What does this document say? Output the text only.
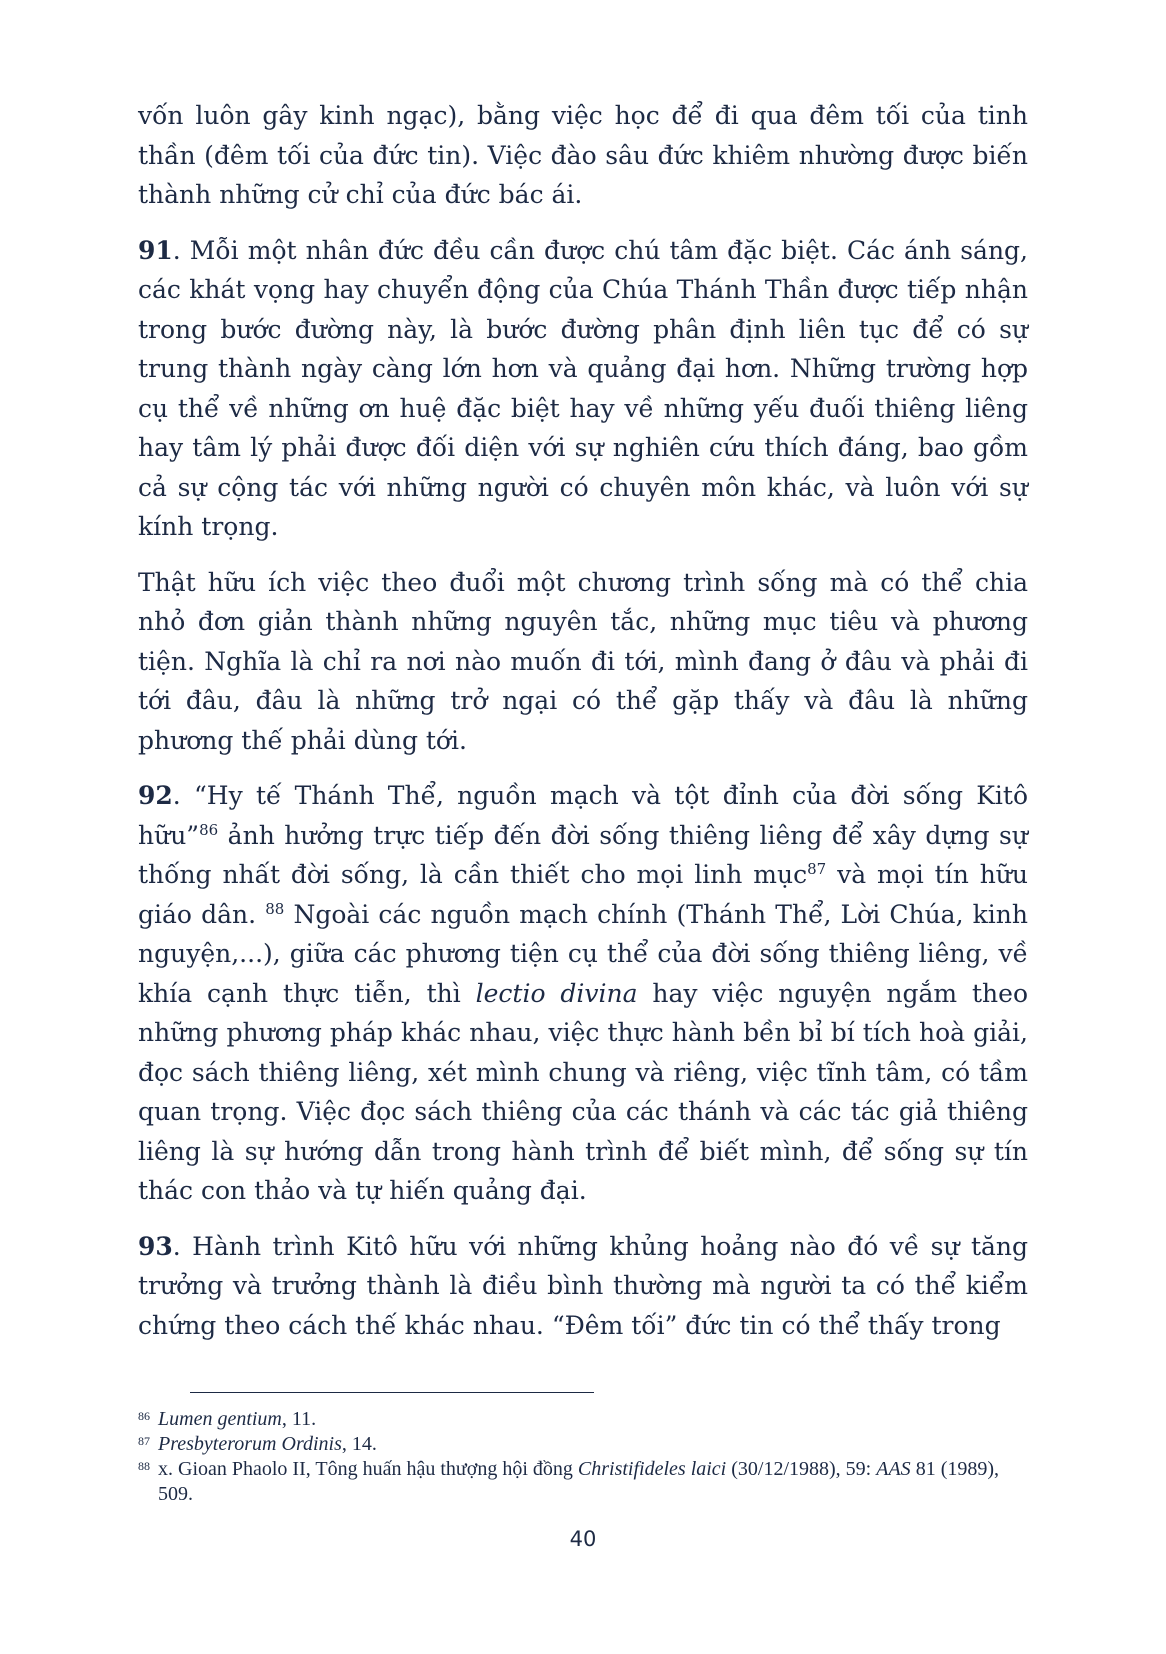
vốn luôn gây kinh ngạc), bằng việc học để đi qua đêm tối của tinh thần (đêm tối của đức tin). Việc đào sâu đức khiêm nhường được biến thành những cử chỉ của đức bác ái.

91. Mỗi một nhân đức đều cần được chú tâm đặc biệt. Các ánh sáng, các khát vọng hay chuyển động của Chúa Thánh Thần được tiếp nhận trong bước đường này, là bước đường phân định liên tục để có sự trung thành ngày càng lớn hơn và quảng đại hơn. Những trường hợp cụ thể về những ơn huệ đặc biệt hay về những yếu đuối thiêng liêng hay tâm lý phải được đối diện với sự nghiên cứu thích đáng, bao gồm cả sự cộng tác với những người có chuyên môn khác, và luôn với sự kính trọng.

Thật hữu ích việc theo đuổi một chương trình sống mà có thể chia nhỏ đơn giản thành những nguyên tắc, những mục tiêu và phương tiện. Nghĩa là chỉ ra nơi nào muốn đi tới, mình đang ở đâu và phải đi tới đâu, đâu là những trở ngại có thể gặp thấy và đâu là những phương thế phải dùng tới.

92. “Hy tế Thánh Thể, nguồn mạch và tột đỉnh của đời sống Kitô hữu”$^{86}$ ảnh hưởng trực tiếp đến đời sống thiêng liêng để xây dựng sự thống nhất đời sống, là cần thiết cho mọi linh mục$^{87}$ và mọi tín hữu giáo dân. $^{88}$ Ngoài các nguồn mạch chính (Thánh Thể, Lời Chúa, kinh nguyện,...), giữa các phương tiện cụ thể của đời sống thiêng liêng, về khía cạnh thực tiễn, thì lectio divina hay việc nguyện ngắm theo những phương pháp khác nhau, việc thực hành bền bỉ bí tích hoà giải, đọc sách thiêng liêng, xét mình chung và riêng, việc tĩnh tâm, có tầm quan trọng. Việc đọc sách thiêng của các thánh và các tác giả thiêng liêng là sự hướng dẫn trong hành trình để biết mình, để sống sự tín thác con thảo và tự hiến quảng đại.

93. Hành trình Kitô hữu với những khủng hoảng nào đó về sự tăng trưởng và trưởng thành là điều bình thường mà người ta có thể kiểm chứng theo cách thế khác nhau. “Đêm tối” đức tin có thể thấy trong

86 Lumen gentium, 11.
87 Presbyterorum Ordinis, 14.
88 x. Gioan Phaolo II, Tông huấn hậu thượng hội đồng Christifideles laici (30/12/1988), 59: AAS 81 (1989), 509.
40
